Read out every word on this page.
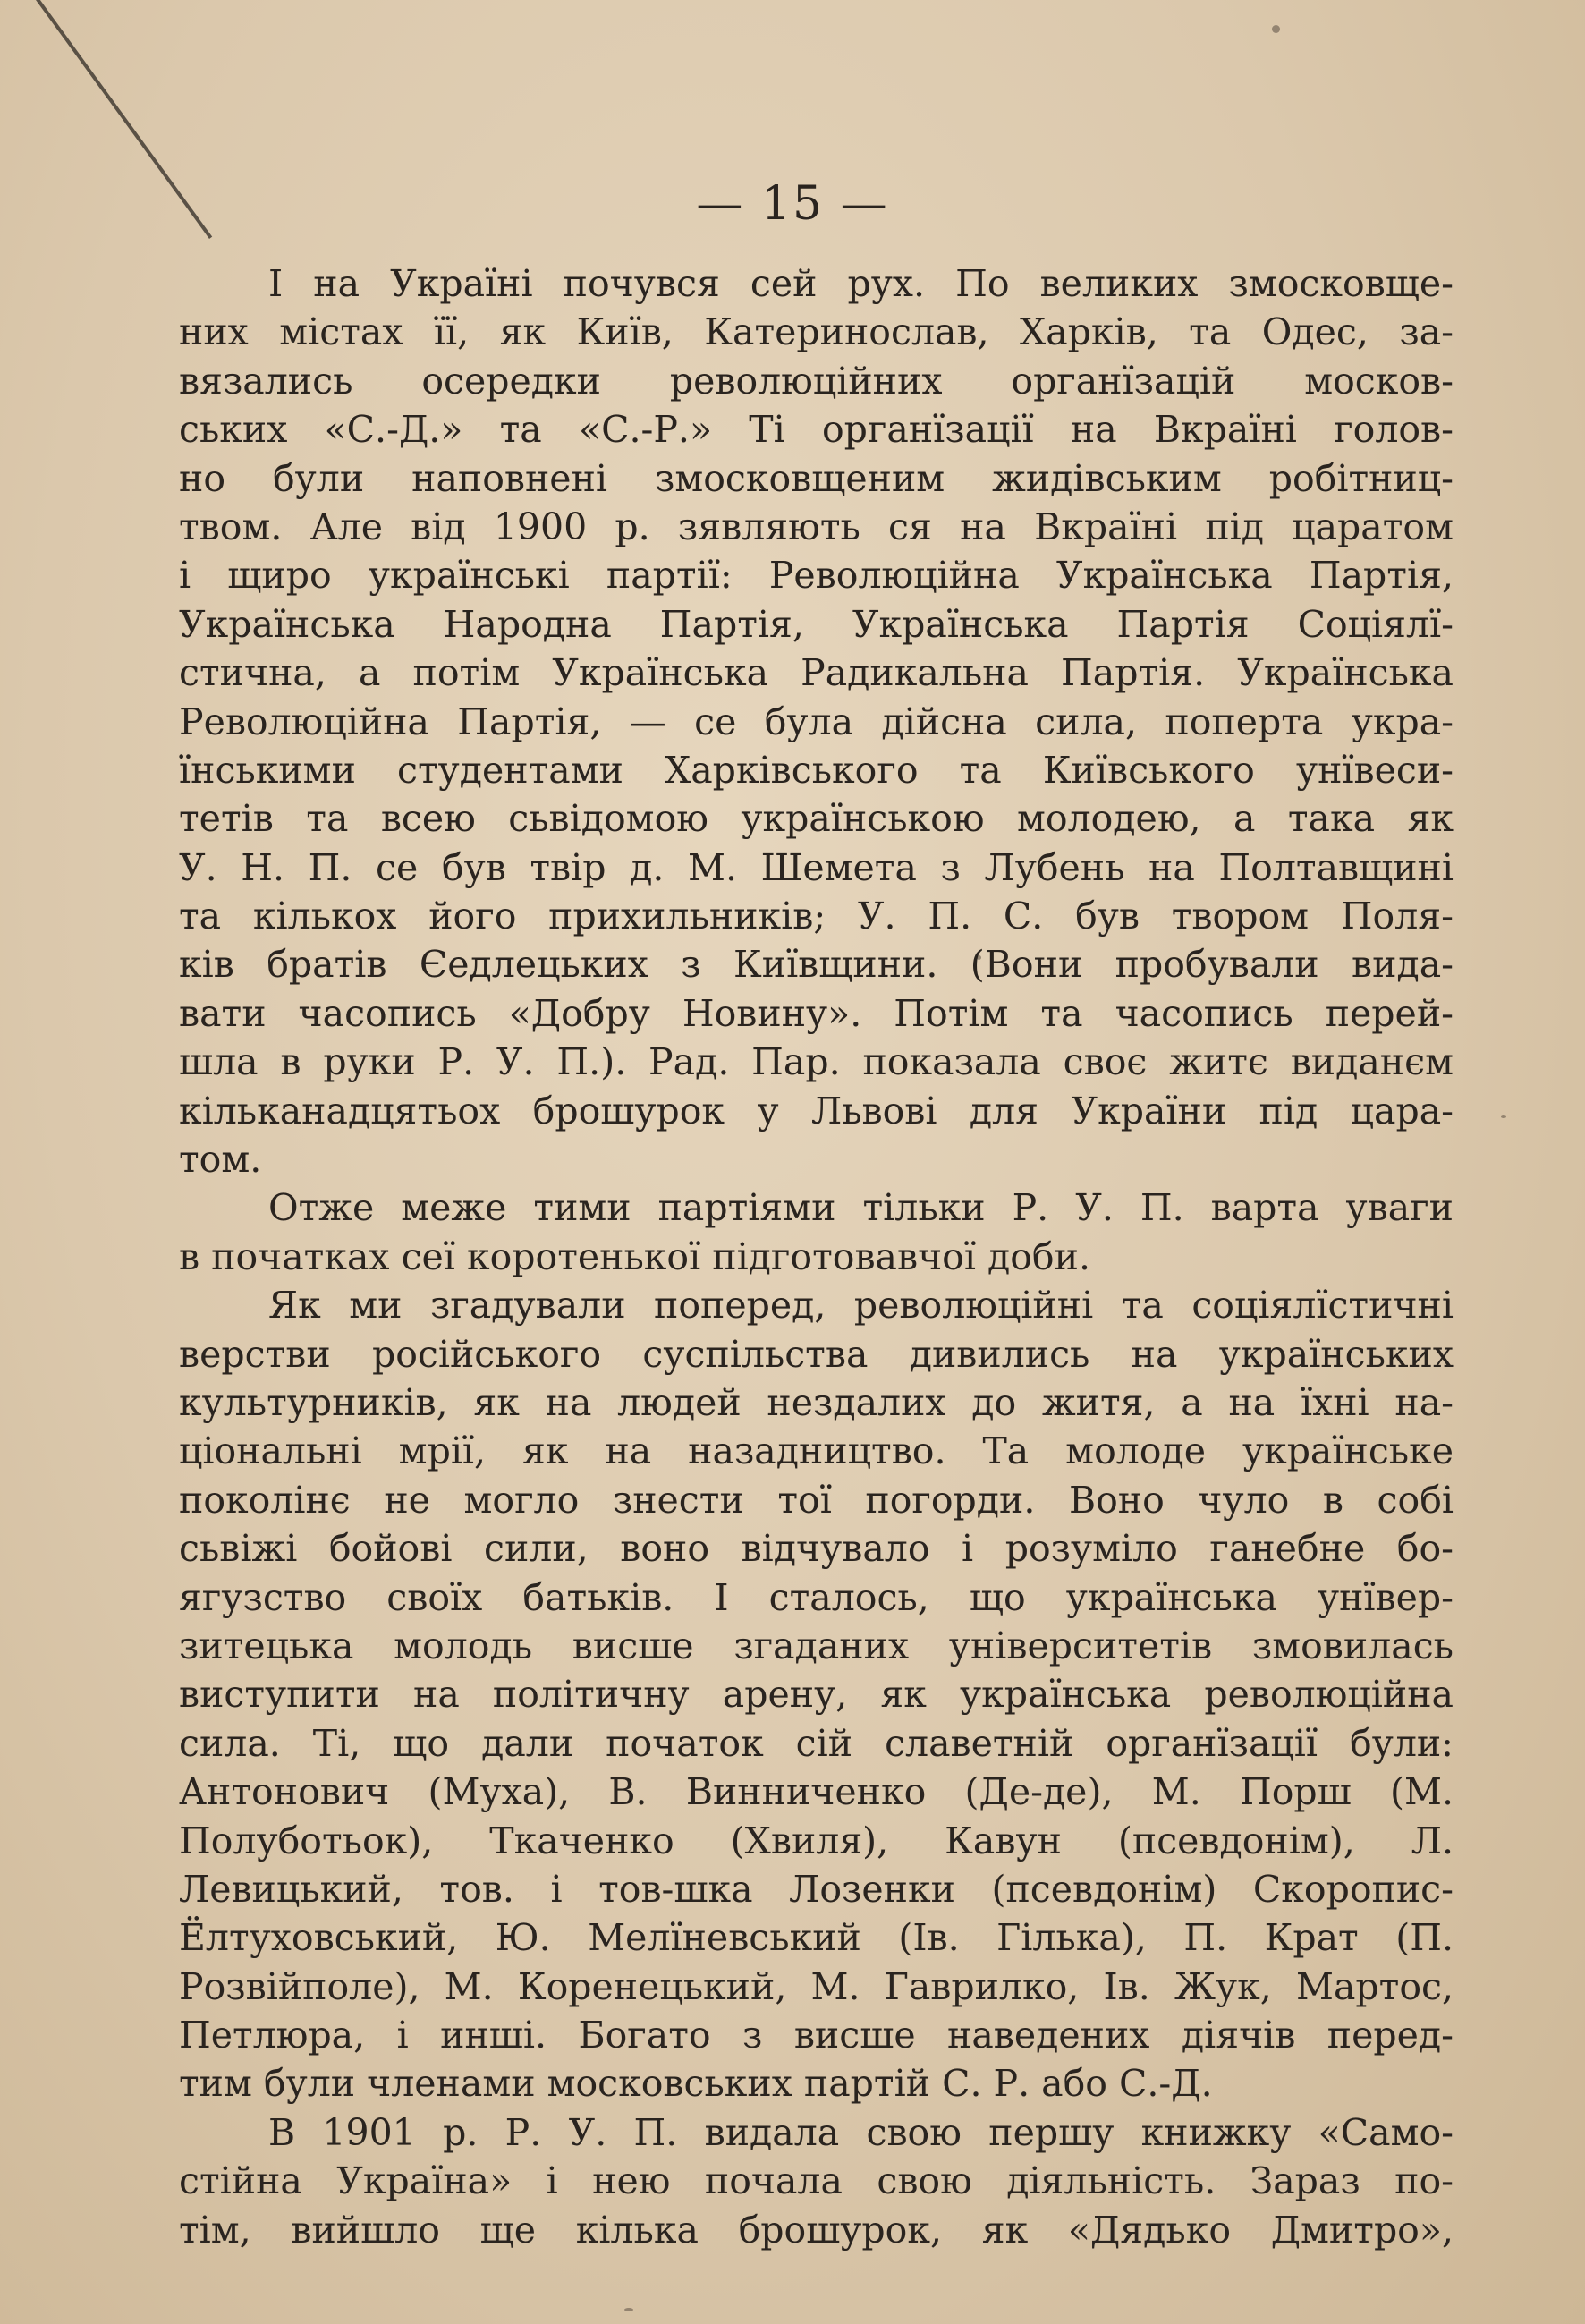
— 15 —
І на Україні почувся сей рух. По великих змосковще-
них містах її, як Київ, Катеринослав, Харків, та Одес, за-
вязались осередки революційних органїзацій москов-
ських «С.-Д.» та «С.-Р.» Ті органїзації на Вкраїні голов-
но були наповнені змосковщеним жидівським робітниц-
твом. Але від 1900 р. зявляють ся на Вкраїні під царатом
і щиро українські партії: Революційна Українська Партія,
Українська Народна Партія, Українська Партія Соціялї-
стична, а потім Українська Радикальна Партія. Українська
Революційна Партія, — се була дійсна сила, поперта укра-
їнськими студентами Харківського та Київського унївеси-
тетів та всею сьвідомою українською молодею, а така як
У. Н. П. се був твір д. М. Шемета з Лубень на Полтавщині
та кількох його прихильників; У. П. С. був твором Поля-
ків братів Єедлецьких з Київщини. (Вони пробували вида-
вати часопись «Добру Новину». Потім та часопись перей-
шла в руки Р. У. П.). Рад. Пар. показала своє житє виданєм
кільканадцятьох брошурок у Львові для України під цара-
том.
Отже меже тими партіями тільки Р. У. П. варта уваги
в початках сеї коротенької підготовавчої доби.
Як ми згадували поперед, революційні та соціялїстичні
верстви російського суспільства дивились на українських
культурників, як на людей нездалих до житя, а на їхні на-
ціональні мрії, як на назадництво. Та молоде українське
поколінє не могло знести тої погорди. Воно чуло в собі
сьвіжі бойові сили, воно відчувало і розуміло ганебне бо-
ягузство своїх батьків. І сталось, що українська унївер-
зитецька молодь висше згаданих університетів змовилась
виступити на політичну арену, як українська революційна
сила. Ті, що дали початок сій славетній органїзації були:
Антонович (Муха), В. Винниченко (Де-де), М. Порш (М.
Полуботьок), Ткаченко (Хвиля), Кавун (псевдонім), Л.
Левицький, тов. і тов-шка Лозенки (псевдонім) Скоропис-
Ёлтуховський, Ю. Мелїневський (Ів. Гілька), П. Крат (П.
Розвійполе), М. Коренецький, М. Гаврилко, Ів. Жук, Мартос,
Петлюра, і инші. Богато з висше наведених діячів перед-
тим були членами московських партій С. Р. або С.-Д.
В 1901 р. Р. У. П. видала свою першу книжку «Само-
стійна Україна» і нею почала свою діяльність. Зараз по-
тім, вийшло ще кілька брошурок, як «Дядько Дмитро»,
